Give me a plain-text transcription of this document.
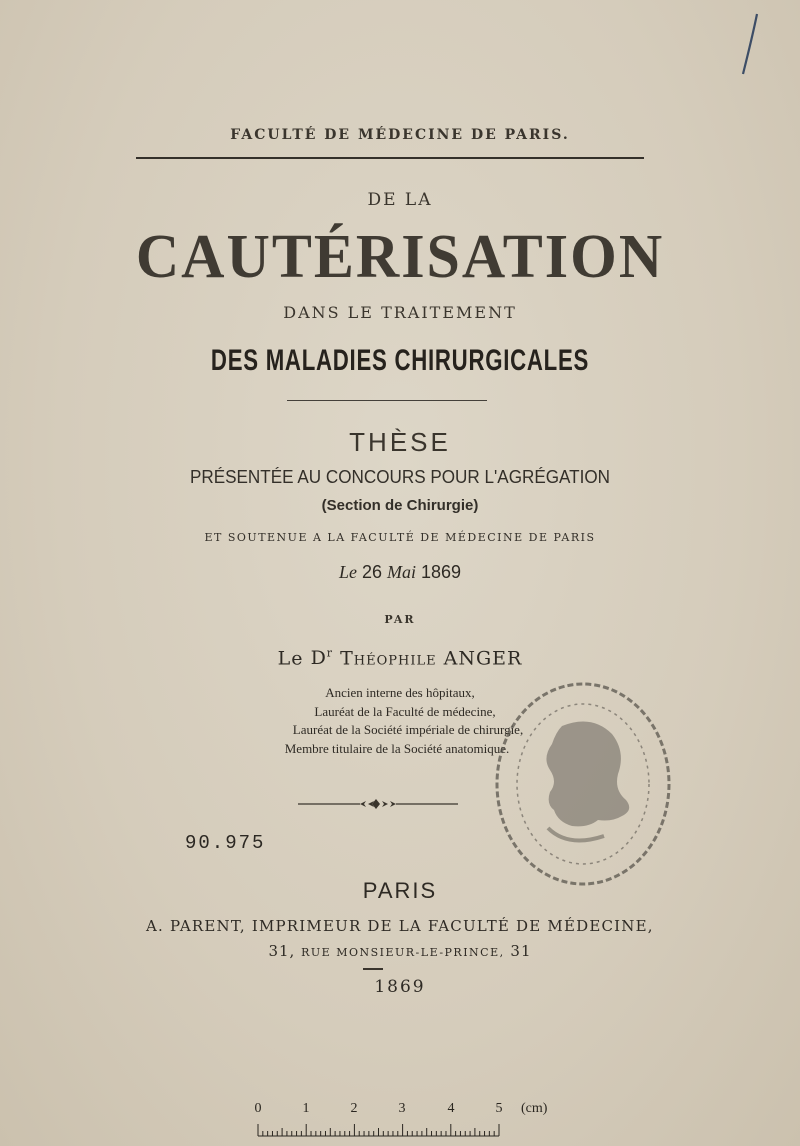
FACULTÉ DE MÉDECINE DE PARIS.
DE LA
CAUTÉRISATION
DANS LE TRAITEMENT
DES MALADIES CHIRURGICALES
THÈSE
PRÉSENTÉE AU CONCOURS POUR L'AGRÉGATION
(Section de Chirurgie)
ET SOUTENUE A LA FACULTÉ DE MÉDECINE DE PARIS
Le 26 Mai 1869
PAR
Le $D^r$ Théophile ANGER
Ancien interne des hôpitaux,
Lauréat de la Faculté de médecine,
Lauréat de la Société impériale de chirurgie,
Membre titulaire de la Société anatomique.
90.975
PARIS
A. PARENT, IMPRIMEUR DE LA FACULTÉ DE MÉDECINE,
31, RUE MONSIEUR-LE-PRINCE, 31
1869
0	1	2	3	4	5 (cm)
